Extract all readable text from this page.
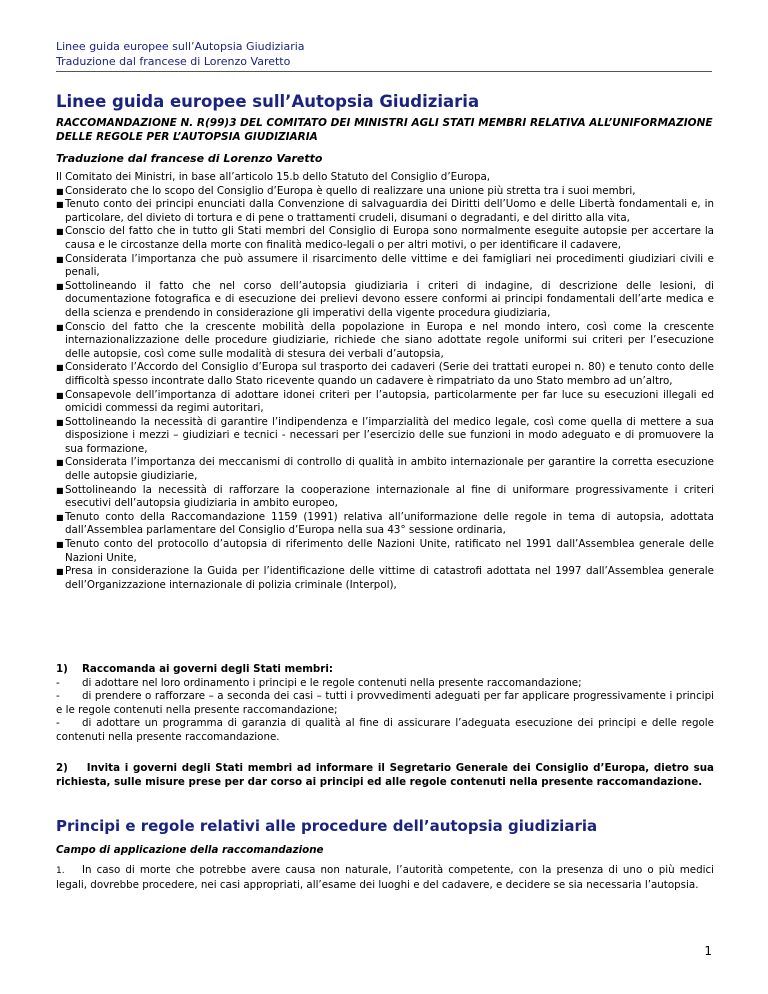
Linee guida europee sull’Autopsia Giudiziaria
Traduzione dal francese di Lorenzo Varetto
Linee guida europee sull’Autopsia Giudiziaria
RACCOMANDAZIONE N. R(99)3 DEL COMITATO DEI MINISTRI AGLI STATI MEMBRI RELATIVA ALL’UNIFORMAZIONE DELLE REGOLE PER L’AUTOPSIA GIUDIZIARIA
Traduzione dal francese di Lorenzo Varetto

Il Comitato dei Ministri, in base all’articolo 15.b dello Statuto del Consiglio d’Europa,

■ Considerato che lo scopo del Consiglio d’Europa è quello di realizzare una unione più stretta tra i suoi membri,
■ Tenuto conto dei principi enunciati dalla Convenzione di salvaguardia dei Diritti dell’Uomo e delle Libertà fondamentali e, in particolare, del divieto di tortura e di pene o trattamenti crudeli, disumani o degradanti, e del diritto alla vita,
■ Conscio del fatto che in tutto gli Stati membri del Consiglio di Europa sono normalmente eseguite autopsie per accertare la causa e le circostanze della morte con finalità medico-legali o per altri motivi, o per identificare il cadavere,
■ Considerata l’importanza che può assumere il risarcimento delle vittime e dei famigliari nei procedimenti giudiziari civili e penali,
■ Sottolineando il fatto che nel corso dell’autopsia giudiziaria i criteri di indagine, di descrizione delle lesioni, di documentazione fotografica e di esecuzione dei prelievi devono essere conformi ai principi fondamentali dell’arte medica e della scienza e prendendo in considerazione gli imperativi della vigente procedura giudiziaria,
■ Conscio del fatto che la crescente mobilità della popolazione in Europa e nel mondo intero, così come la crescente internazionalizzazione delle procedure giudiziarie, richiede che siano adottate regole uniformi sui criteri per l’esecuzione delle autopsie, così come sulle modalità di stesura dei verbali d’autopsia,
■ Considerato l’Accordo del Consiglio d’Europa sul trasporto dei cadaveri (Serie dei trattati europei n. 80) e tenuto conto delle difficoltà spesso incontrate dallo Stato ricevente quando un cadavere è rimpatriato da uno Stato membro ad un’altro,
■ Consapevole dell’importanza di adottare idonei criteri per l’autopsia, particolarmente per far luce su esecuzioni illegali ed omicidi commessi da regimi autoritari,
■ Sottolineando la necessità di garantire l’indipendenza e l’imparzialità del medico legale, così come quella di mettere a sua disposizione i mezzi – giudiziari e tecnici - necessari per l’esercizio delle sue funzioni in modo adeguato e di promuovere la sua formazione,
■ Considerata l’importanza dei meccanismi di controllo di qualità in ambito internazionale per garantire la corretta esecuzione delle autopsie giudiziarie,
■ Sottolineando la necessità di rafforzare la cooperazione internazionale al fine di uniformare progressivamente i criteri esecutivi dell’autopsia giudiziaria in ambito europeo,
■ Tenuto conto della Raccomandazione 1159 (1991) relativa all’uniformazione delle regole in tema di autopsia, adottata dall’Assemblea parlamentare del Consiglio d’Europa nella sua 43° sessione ordinaria,
■ Tenuto conto del protocollo d’autopsia di riferimento delle Nazioni Unite, ratificato nel 1991 dall’Assemblea generale delle Nazioni Unite,
■ Presa in considerazione la Guida per l’identificazione delle vittime di catastrofi adottata nel 1997 dall’Assemblea generale dell’Organizzazione internazionale di polizia criminale (Interpol),
1) Raccomanda ai governi degli Stati membri:

- di adottare nel loro ordinamento i principi e le regole contenuti nella presente raccomandazione;

- di prendere o rafforzare – a seconda dei casi – tutti i provvedimenti adeguati per far applicare progressivamente i principi e le regole contenuti nella presente raccomandazione;

- di adottare un programma di garanzia di qualità al fine di assicurare l’adeguata esecuzione dei principi e delle regole contenuti nella presente raccomandazione.

2) Invita i governi degli Stati membri ad informare il Segretario Generale dei Consiglio d’Europa, dietro sua richiesta, sulle misure prese per dar corso ai principi ed alle regole contenuti nella presente raccomandazione.
Principi e regole relativi alle procedure dell’autopsia giudiziaria
Campo di applicazione della raccomandazione
1. In caso di morte che potrebbe avere causa non naturale, l’autorità competente, con la presenza di uno o più medici legali, dovrebbe procedere, nei casi appropriati, all’esame dei luoghi e del cadavere, e decidere se sia necessaria l’autopsia.
1
